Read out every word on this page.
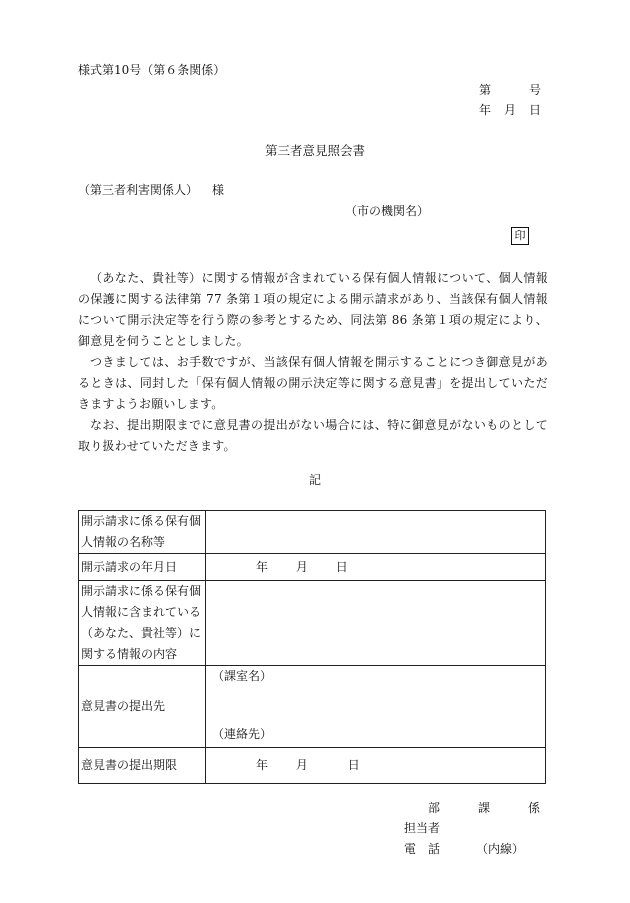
様式第10号（第６条関係）
第	号
年 月 日
第三者意見照会書
（第三者利害関係人） 様
（市の機関名）
印
（あなた、貴社等）に関する情報が含まれている保有個人情報について、個人情報の保護に関する法律第 77 条第１項の規定による開示請求があり、当該保有個人情報について開示決定等を行う際の参考とするため、同法第 86 条第１項の規定により、御意見を伺うこととしました。
つきましては、お手数ですが、当該保有個人情報を開示することにつき御意見があるときは、同封した「保有個人情報の開示決定等に関する意見書」を提出していただきますようお願いします。
なお、提出期限までに意見書の提出がない場合には、特に御意見がないものとして取り扱わせていただきます。
記
開示請求に係る保有個
人情報の名称等	

開示請求の年月日	年 月 日

開示請求に係る保有個
人情報に含まれている
（あなた、貴社等）に
関する情報の内容	

意見書の提出先	（課室名）
（連絡先）

意見書の提出期限	年 月 日
部	課	係
担当者
電　話	（内線）
